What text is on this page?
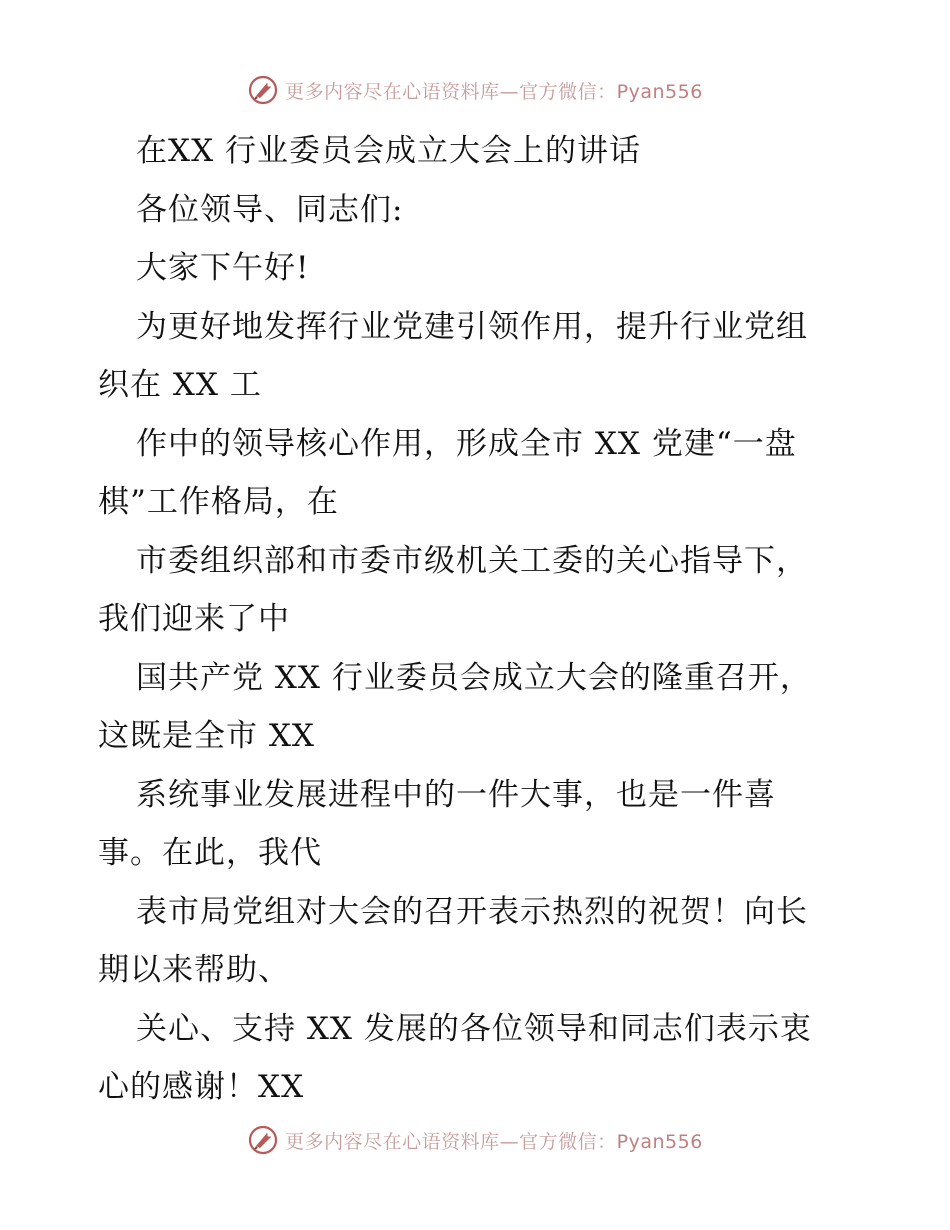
更多内容尽在心语资料库—官方微信：Pyan556
在XX 行业委员会成立大会上的讲话
各位领导、同志们:
大家下午好!
为更好地发挥行业党建引领作用，提升行业党组
织在 XX 工
作中的领导核心作用，形成全市 XX 党建“一盘
棋”工作格局，在
市委组织部和市委市级机关工委的关心指导下，
我们迎来了中
国共产党 XX 行业委员会成立大会的隆重召开，
这既是全市 XX
系统事业发展进程中的一件大事，也是一件喜
事。在此，我代
表市局党组对大会的召开表示热烈的祝贺！向长
期以来帮助、
关心、支持 XX 发展的各位领导和同志们表示衷
心的感谢！XX
更多内容尽在心语资料库—官方微信：Pyan556
